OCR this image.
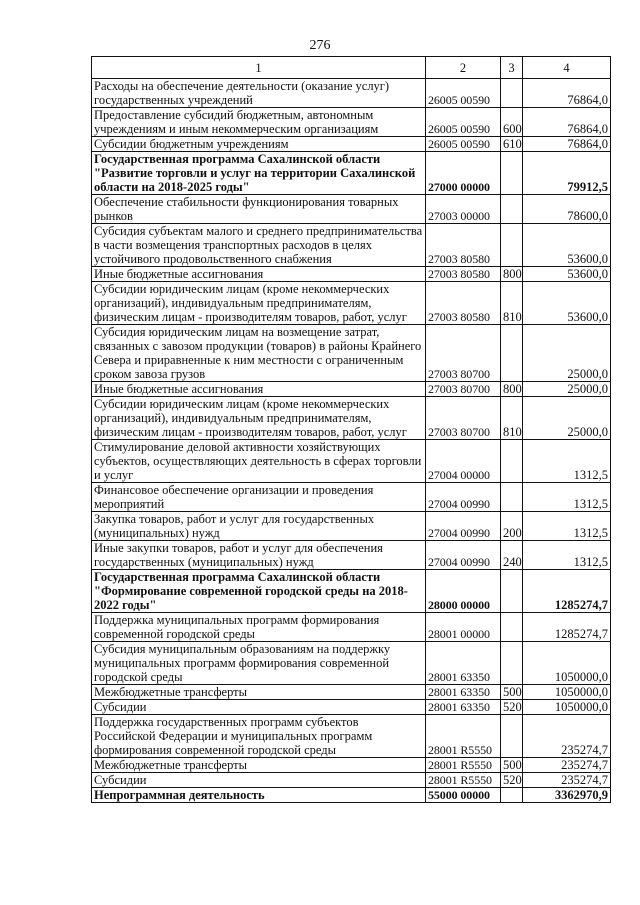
276
1	2	3	4
Расходы на обеспечение деятельности (оказание услуг) государственных учреждений	26005 00590		76864,0
Предоставление субсидий бюджетным, автономным учреждениям и иным некоммерческим организациям	26005 00590	600	76864,0
Субсидии бюджетным учреждениям	26005 00590	610	76864,0
Государственная программа Сахалинской области "Развитие торговли и услуг на территории Сахалинской области на 2018-2025 годы"	27000 00000		79912,5
Обеспечение стабильности функционирования товарных рынков	27003 00000		78600,0
Субсидия субъектам малого и среднего предпринимательства в части возмещения транспортных расходов в целях устойчивого продовольственного снабжения	27003 80580		53600,0
Иные бюджетные ассигнования	27003 80580	800	53600,0
Субсидии юридическим лицам (кроме некоммерческих организаций), индивидуальным предпринимателям, физическим лицам - производителям товаров, работ, услуг	27003 80580	810	53600,0
Субсидия юридическим лицам на возмещение затрат, связанных с завозом продукции (товаров) в районы Крайнего Севера и приравненные к ним местности с ограниченным сроком завоза грузов	27003 80700		25000,0
Иные бюджетные ассигнования	27003 80700	800	25000,0
Субсидии юридическим лицам (кроме некоммерческих организаций), индивидуальным предпринимателям, физическим лицам - производителям товаров, работ, услуг	27003 80700	810	25000,0
Стимулирование деловой активности хозяйствующих субъектов, осуществляющих деятельность в сферах торговли и услуг	27004 00000		1312,5
Финансовое обеспечение организации и проведения мероприятий	27004 00990		1312,5
Закупка товаров, работ и услуг для государственных (муниципальных) нужд	27004 00990	200	1312,5
Иные закупки товаров, работ и услуг для обеспечения государственных (муниципальных) нужд	27004 00990	240	1312,5
Государственная программа Сахалинской области "Формирование современной городской среды на 2018-2022 годы"	28000 00000		1285274,7
Поддержка муниципальных программ формирования современной городской среды	28001 00000		1285274,7
Субсидия муниципальным образованиям на поддержку муниципальных программ формирования современной городской среды	28001 63350		1050000,0
Межбюджетные трансферты	28001 63350	500	1050000,0
Субсидии	28001 63350	520	1050000,0
Поддержка государственных программ субъектов Российской Федерации и муниципальных программ формирования современной городской среды	28001 R5550		235274,7
Межбюджетные трансферты	28001 R5550	500	235274,7
Субсидии	28001 R5550	520	235274,7
Непрограммная деятельность	55000 00000		3362970,9
